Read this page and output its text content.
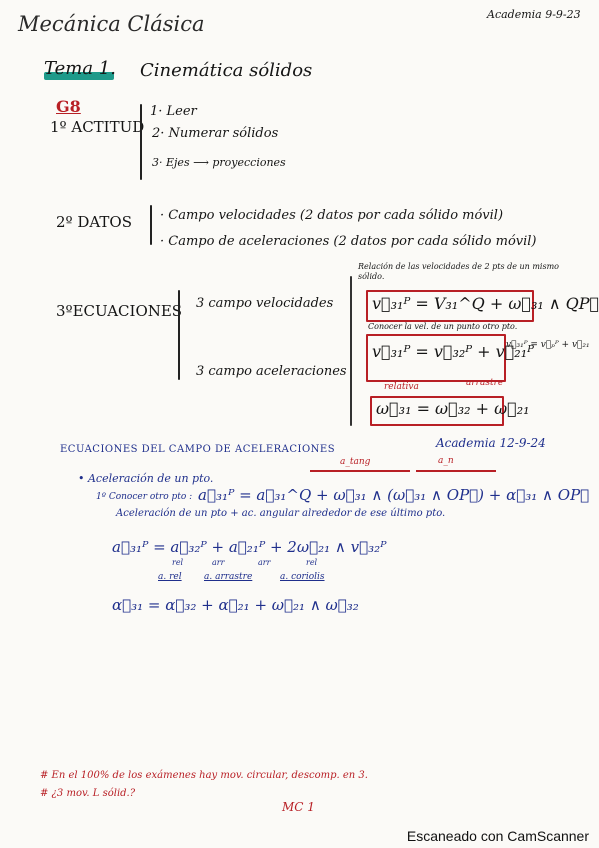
Mecánica Clásica	Academia 9-9-23
Tema 1. Cinemática sólidos
G8
1º ACTITUD
1· Leer
2· Numerar sólidos
3· Ejes ⟶ proyecciones
2º DATOS · Campo velocidades (2 datos por cada sólido móvil)
· Campo de aceleraciones (2 datos por cada sólido móvil)
3ºECUACIONES 3 campo velocidades
3 campo aceleraciones
Relación de las velocidades de 2 pts de un mismo sólido.
v⃗₃₁ᴾ = V₃₁^Q + ω⃗₃₁ ∧ QP⃗
Conocer la vel. de un punto otro pto.
v⃗₃₁ᴾ = v⃗₃₂ᴾ + v⃗₂₁ᴾ
v⃗₃₁ᴾ = v⃗ₚᴾ + v⃗₂₁
relativa	arrastre
ω⃗₃₁ = ω⃗₃₂ + ω⃗₂₁
ECUACIONES DEL CAMPO DE ACELERACIONES	Academia 12-9-24
a_tang	a_n
• Aceleración de un pto.
1º Conocer otro pto : a⃗₃₁ᴾ = a⃗₃₁^Q + ω⃗₃₁ ∧ (ω⃗₃₁ ∧ OP⃗) + α⃗₃₁ ∧ OP⃗
Aceleración de un pto + ac. angular alrededor de ese último pto.
a⃗₃₁ᴾ = a⃗₃₂ᴾ + a⃗₂₁ᴾ + 2ω⃗₂₁ ∧ v⃗₃₂ᴾ
rel	arr	arr	rel
a. rel a. arrastre	a. coriolis
α⃗₃₁ = α⃗₃₂ + α⃗₂₁ + ω⃗₂₁ ∧ ω⃗₃₂
# En el 100% de los exámenes hay mov. circular, descomp. en 3.
# ¿3 mov. L sólid.?
MC 1
Escaneado con CamScanner
